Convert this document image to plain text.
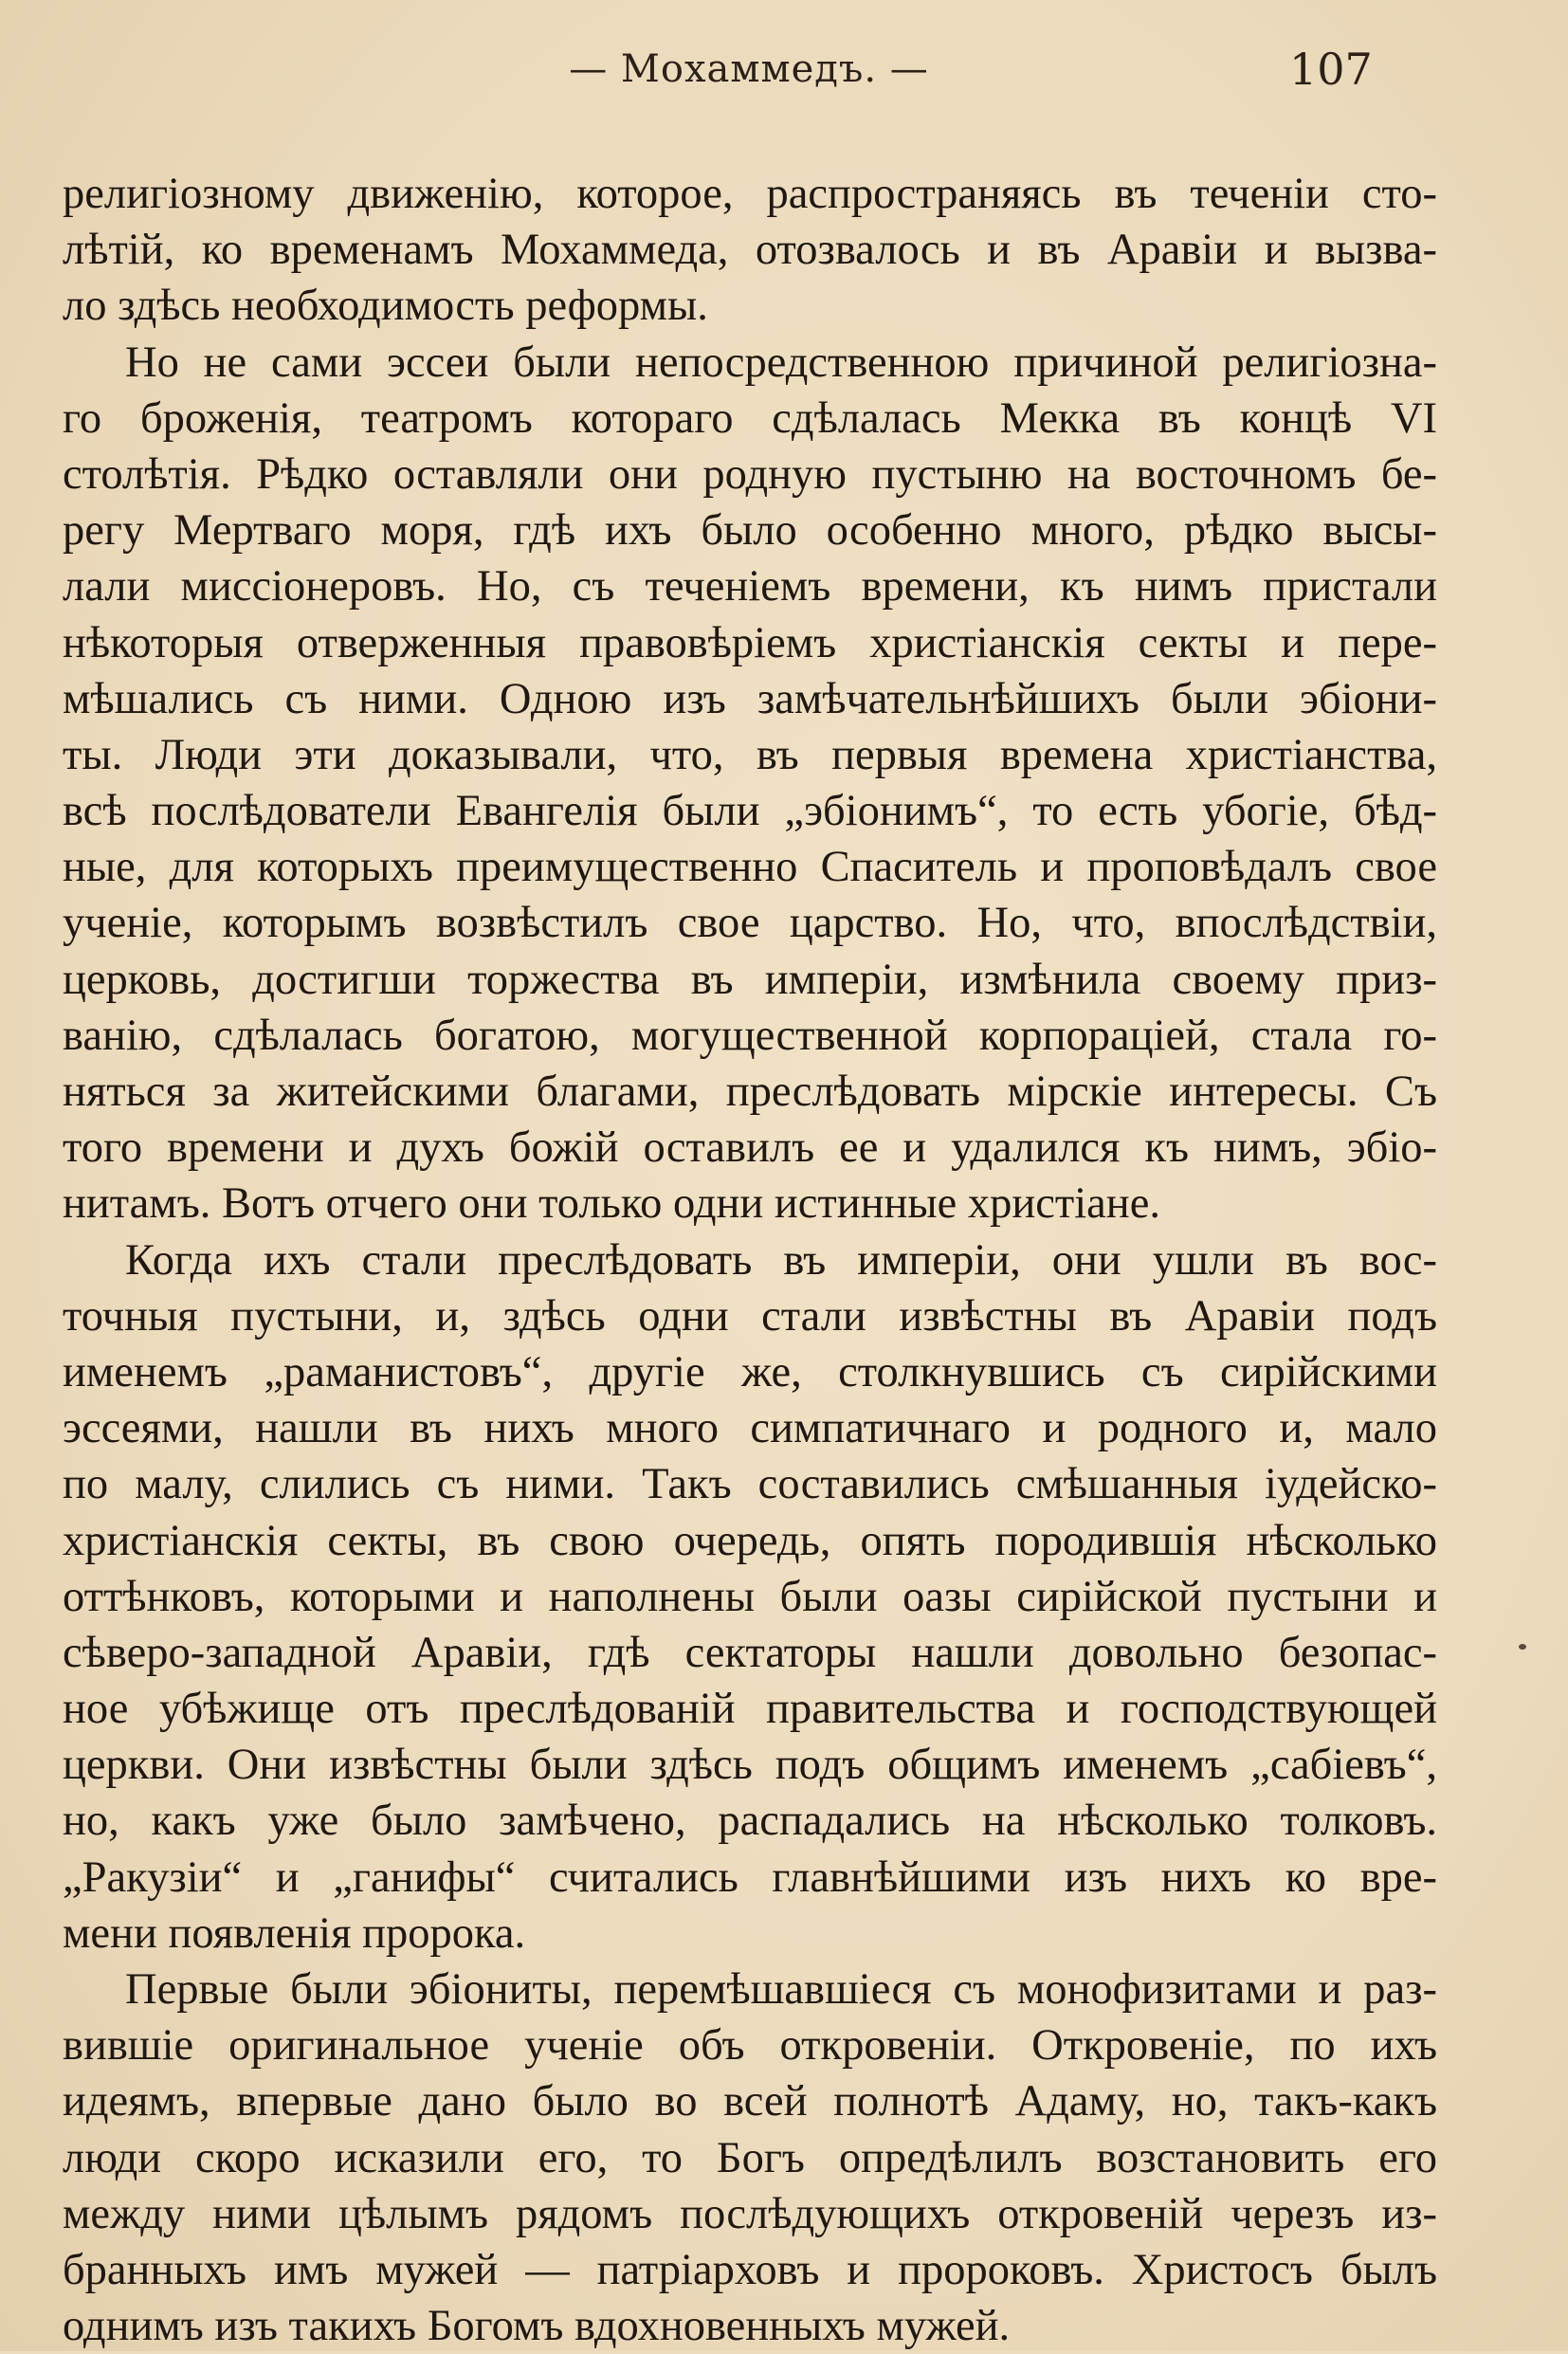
— Мохаммедъ. —	107
религіозному движенію, которое, распространяясь въ теченіи сто-
лѣтій, ко временамъ Мохаммеда, отозвалось и въ Аравіи и вызва-
ло здѣсь необходимость реформы.
Но не сами эссеи были непосредственною причиной религіозна-
го броженія, театромъ котораго сдѣлалась Мекка въ концѣ VI
столѣтія. Рѣдко оставляли они родную пустыню на восточномъ бе-
регу Мертваго моря, гдѣ ихъ было особенно много, рѣдко высы-
лали миссіонеровъ. Но, съ теченіемъ времени, къ нимъ пристали
нѣкоторыя отверженныя правовѣріемъ христіанскія секты и пере-
мѣшались съ ними. Одною изъ замѣчательнѣйшихъ были эбіони-
ты. Люди эти доказывали, что, въ первыя времена христіанства,
всѣ послѣдователи Евангелія были „эбіонимъ“, то есть убогіе, бѣд-
ные, для которыхъ преимущественно Спаситель и проповѣдалъ свое
ученіе, которымъ возвѣстилъ свое царство. Но, что, впослѣдствіи,
церковь, достигши торжества въ имперіи, измѣнила своему приз-
ванію, сдѣлалась богатою, могущественной корпораціей, стала го-
няться за житейскими благами, преслѣдовать мірскіе интересы. Съ
того времени и духъ божій оставилъ ее и удалился къ нимъ, эбіо-
нитамъ. Вотъ отчего они только одни истинные христіане.
Когда ихъ стали преслѣдовать въ имперіи, они ушли въ вос-
точныя пустыни, и, здѣсь одни стали извѣстны въ Аравіи подъ
именемъ „раманистовъ“, другіе же, столкнувшись съ сирійскими
эссеями, нашли въ нихъ много симпатичнаго и родного и, мало
по малу, слились съ ними. Такъ составились смѣшанныя іудейско-
христіанскія секты, въ свою очередь, опять породившія нѣсколько
оттѣнковъ, которыми и наполнены были оазы сирійской пустыни и
сѣверо-западной Аравіи, гдѣ сектаторы нашли довольно безопас-
ное убѣжище отъ преслѣдованій правительства и господствующей
церкви. Они извѣстны были здѣсь подъ общимъ именемъ „сабіевъ“,
но, какъ уже было замѣчено, распадались на нѣсколько толковъ.
„Ракузіи“ и „ганифы“ считались главнѣйшими изъ нихъ ко вре-
мени появленія пророка.
Первые были эбіониты, перемѣшавшіеся съ монофизитами и раз-
вившіе оригинальное ученіе объ откровеніи. Откровеніе, по ихъ
идеямъ, впервые дано было во всей полнотѣ Адаму, но, такъ-какъ
люди скоро исказили его, то Богъ опредѣлилъ возстановить его
между ними цѣлымъ рядомъ послѣдующихъ откровеній черезъ из-
бранныхъ имъ мужей — патріарховъ и пророковъ. Христосъ былъ
однимъ изъ такихъ Богомъ вдохновенныхъ мужей.
